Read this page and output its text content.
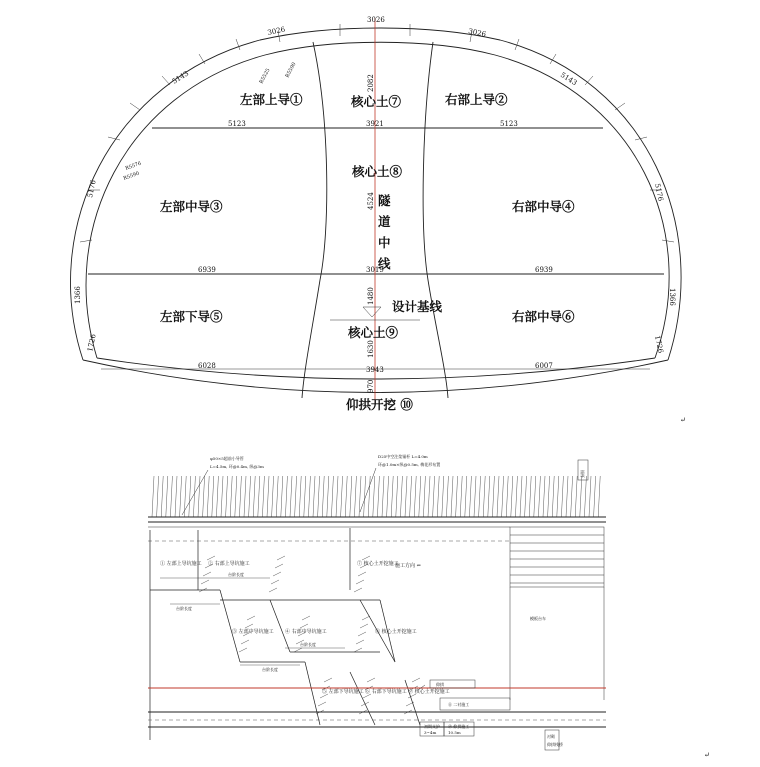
左部上导①	核心土⑦	右部上导②
核心土⑧
左部中导③	右部中导④
左部下导⑤	右部中导⑥
核心土⑨
仰拱开挖 ⑩
设计基线
隧
道
中
线
3026
3026	3026
5143	5143
5123	3921	5123
6939	3019	6939
6028	3943	6007
5176	5176
1366	1366
1726	1726
2082
4524
1480
1630
970
R5525	R5590
R5576
R5590
↵
↵
φ50×5超前小导管
L=4.5m, 环@0.4m, 纵@3m
D25中空注浆锚杆 L=4.0m
环@1.0m×纵@0.5m, 梅花形布置
锚杆
模板台车
台阶长度
台阶长度
台阶长度
台阶长度
仰拱
⑪ 二衬施工
初期支护
3~4m
⑩ 仰拱施工
10.5m
衬砌
仰拱栈桥
① 左部上导坑施工 ② 右部上导坑施工	⑦ 核心土开挖施工
施工方向 ⇐
③ 左部中导坑施工 ④ 右部中导坑施工	⑧ 核心土开挖施工
⑤ 左部下导坑施工 ⑥ 右部下导坑施工 ⑨ 核心土开挖施工
